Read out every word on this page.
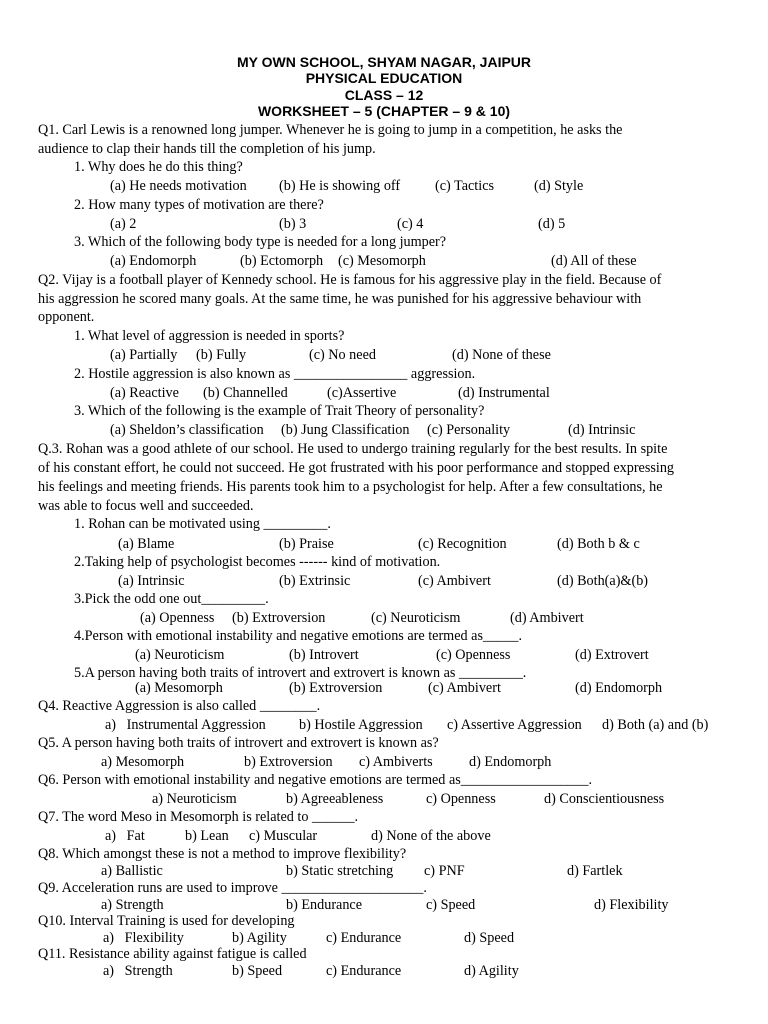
MY OWN SCHOOL, SHYAM NAGAR, JAIPUR
PHYSICAL EDUCATION
CLASS – 12
WORKSHEET – 5 (CHAPTER – 9 & 10)
Q1. Carl Lewis is a renowned long jumper. Whenever he is going to jump in a competition, he asks the
audience to clap their hands till the completion of his jump.
1. Why does he do this thing?
(a) He needs motivation (b) He is showing off (c) Tactics	(d) Style
2. How many types of motivation are there?
(a) 2	(b) 3	(c) 4	(d) 5
3. Which of the following body type is needed for a long jumper?
(a) Endomorph	(b) Ectomorph (c) Mesomorph	(d) All of these
Q2. Vijay is a football player of Kennedy school. He is famous for his aggressive play in the field. Because of
his aggression he scored many goals. At the same time, he was punished for his aggressive behaviour with
opponent.
1. What level of aggression is needed in sports?
(a) Partially (b) Fully	(c) No need	(d) None of these
2. Hostile aggression is also known as ________________ aggression.
(a) Reactive (b) Channelled	(c)Assertive	(d) Instrumental
3. Which of the following is the example of Trait Theory of personality?
(a) Sheldon’s classification (b) Jung Classification (c) Personality	(d) Intrinsic
Q.3. Rohan was a good athlete of our school. He used to undergo training regularly for the best results. In spite
of his constant effort, he could not succeed. He got frustrated with his poor performance and stopped expressing
his feelings and meeting friends. His parents took him to a psychologist for help. After a few consultations, he
was able to focus well and succeeded.
1. Rohan can be motivated using _________.
(a) Blame	(b) Praise	(c) Recognition	(d) Both b & c
2.Taking help of psychologist becomes ------ kind of motivation.
(a) Intrinsic	(b) Extrinsic	(c) Ambivert	(d) Both(a)&(b)
3.Pick the odd one out_________.
(a) Openness (b) Extroversion	(c) Neuroticism	(d) Ambivert
4.Person with emotional instability and negative emotions are termed as_____.
(a) Neuroticism	(b) Introvert	(c) Openness	(d) Extrovert
5.A person having both traits of introvert and extrovert is known as _________.
(a) Mesomorph	(b) Extroversion	(c) Ambivert	(d) Endomorph
Q4. Reactive Aggression is also called ________.
a)   Instrumental Aggression b) Hostile Aggression c) Assertive Aggression d) Both (a) and (b)
Q5. A person having both traits of introvert and extrovert is known as?
a) Mesomorph	b) Extroversion c) Ambiverts	d) Endomorph
Q6. Person with emotional instability and negative emotions are termed as__________________.
a) Neuroticism	b) Agreeableness	c) Openness	d) Conscientiousness
Q7. The word Meso in Mesomorph is related to ______.
a)   Fat	b) Lean c) Muscular	d) None of the above
Q8. Which amongst these is not a method to improve flexibility?
a) Ballistic	b) Static stretching c) PNF	d) Fartlek
Q9. Acceleration runs are used to improve ____________________.
a) Strength	b) Endurance	c) Speed	d) Flexibility
Q10. Interval Training is used for developing
a)   Flexibility	b) Agility	c) Endurance	d) Speed
Q11. Resistance ability against fatigue is called
a)   Strength	b) Speed	c) Endurance	d) Agility
